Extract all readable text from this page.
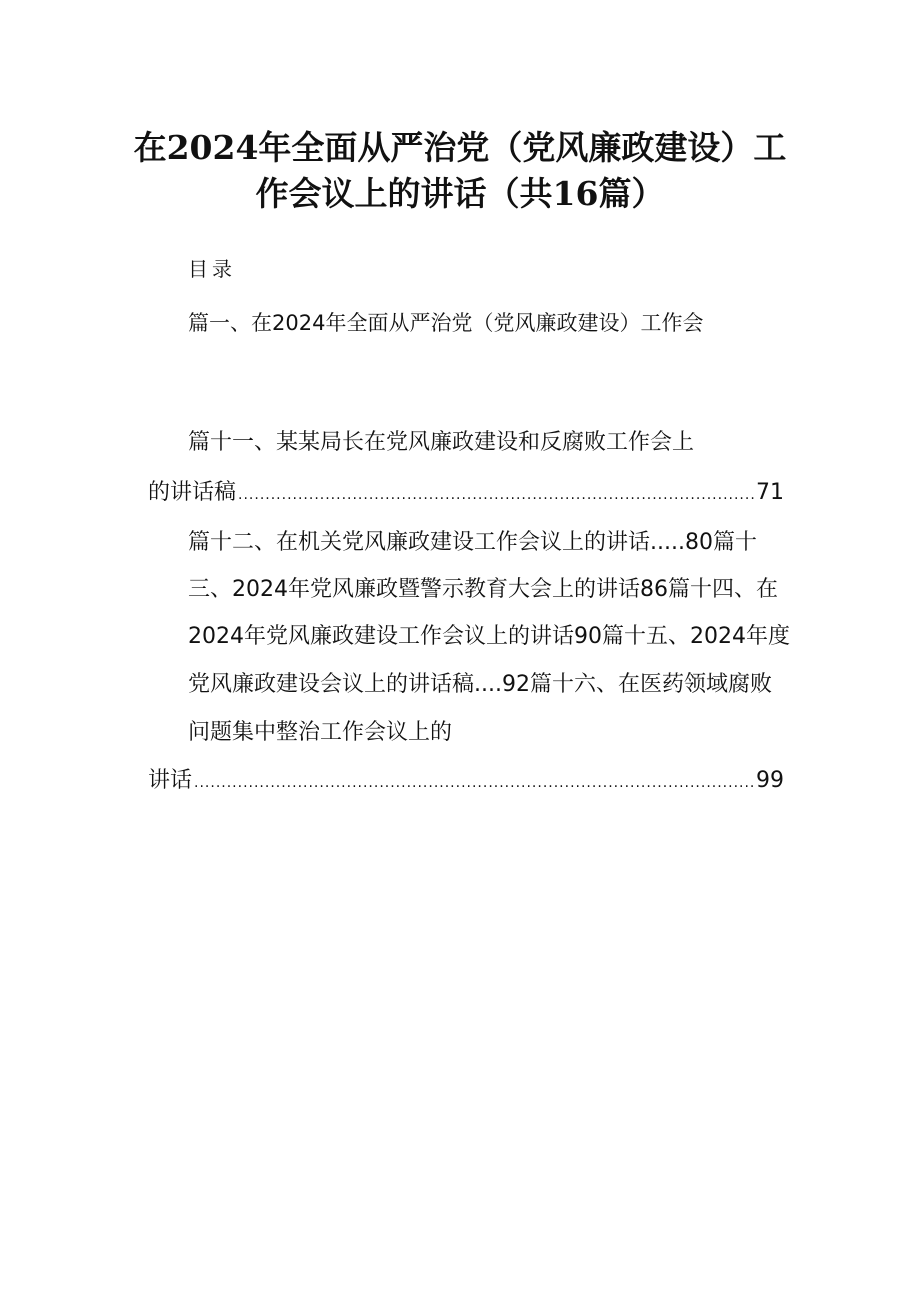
在2024年全面从严治党（党风廉政建设）工
作会议上的讲话（共16篇）
目录
篇一、在2024年全面从严治党（党风廉政建设）工作会
篇十一、某某局长在党风廉政建设和反腐败工作会上
的讲话稿 .....	71
篇十二、在机关党风廉政建设工作会议上的讲话.....80篇十
三、2024年党风廉政暨警示教育大会上的讲话86篇十四、在
2024年党风廉政建设工作会议上的讲话90篇十五、2024年度
党风廉政建设会议上的讲话稿....92篇十六、在医药领域腐败
问题集中整治工作会议上的
讲话 .....	99
